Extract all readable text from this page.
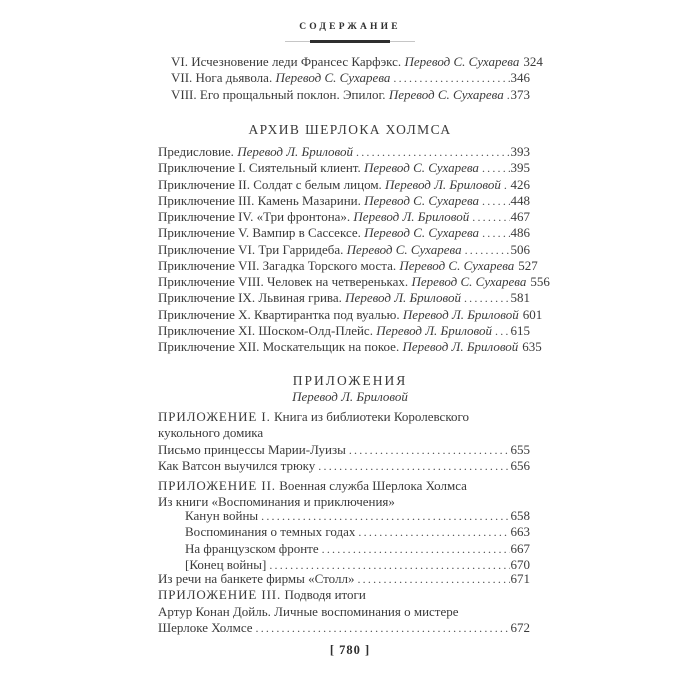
СОДЕРЖАНИЕ
VI. Исчезновение леди Франсес Карфэкс. Перевод С. Сухарева 324
VII. Нога дьявола. Перевод С. Сухарева .....	346
VIII. Его прощальный поклон. Эпилог. Перевод С. Сухарева ..... 373
АРХИВ ШЕРЛОКА ХОЛМСА
Предисловие. Перевод Л. Бриловой .....	393
Приключение I. Сиятельный клиент. Перевод С. Сухарева ..... 395
Приключение II. Солдат с белым лицом. Перевод Л. Бриловой ..... 426
Приключение III. Камень Мазарини. Перевод С. Сухарева ..... 448
Приключение IV. «Три фронтона». Перевод Л. Бриловой .....	467
Приключение V. Вампир в Сассексе. Перевод С. Сухарева ..... 486
Приключение VI. Три Гарридеба. Перевод С. Сухарева .....	506
Приключение VII. Загадка Торского моста. Перевод С. Сухарева 527
Приключение VIII. Человек на четвереньках. Перевод С. Сухарева 556
Приключение IX. Львиная грива. Перевод Л. Бриловой .....	581
Приключение X. Квартирантка под вуалью. Перевод Л. Бриловой 601
Приключение XI. Шоском-Олд-Плейс. Перевод Л. Бриловой ..... 615
Приключение XII. Москательщик на покое. Перевод Л. Бриловой 635
ПРИЛОЖЕНИЯ
Перевод Л. Бриловой
ПРИЛОЖЕНИЕ I. Книга из библиотеки Королевского
кукольного домика
Письмо принцессы Марии-Луизы .....	655
Как Ватсон выучился трюку .....	656
ПРИЛОЖЕНИЕ II. Военная служба Шерлока Холмса
Из книги «Воспоминания и приключения»
Канун войны .....	658
Воспоминания о темных годах .....	663
На французском фронте .....	667
[Конец войны] .....	670
Из речи на банкете фирмы «Столл» .....	671
ПРИЛОЖЕНИЕ III. Подводя итоги
Артур Конан Дойль. Личные воспоминания о мистере
Шерлоке Холмсе .....	672
[ 780 ]
